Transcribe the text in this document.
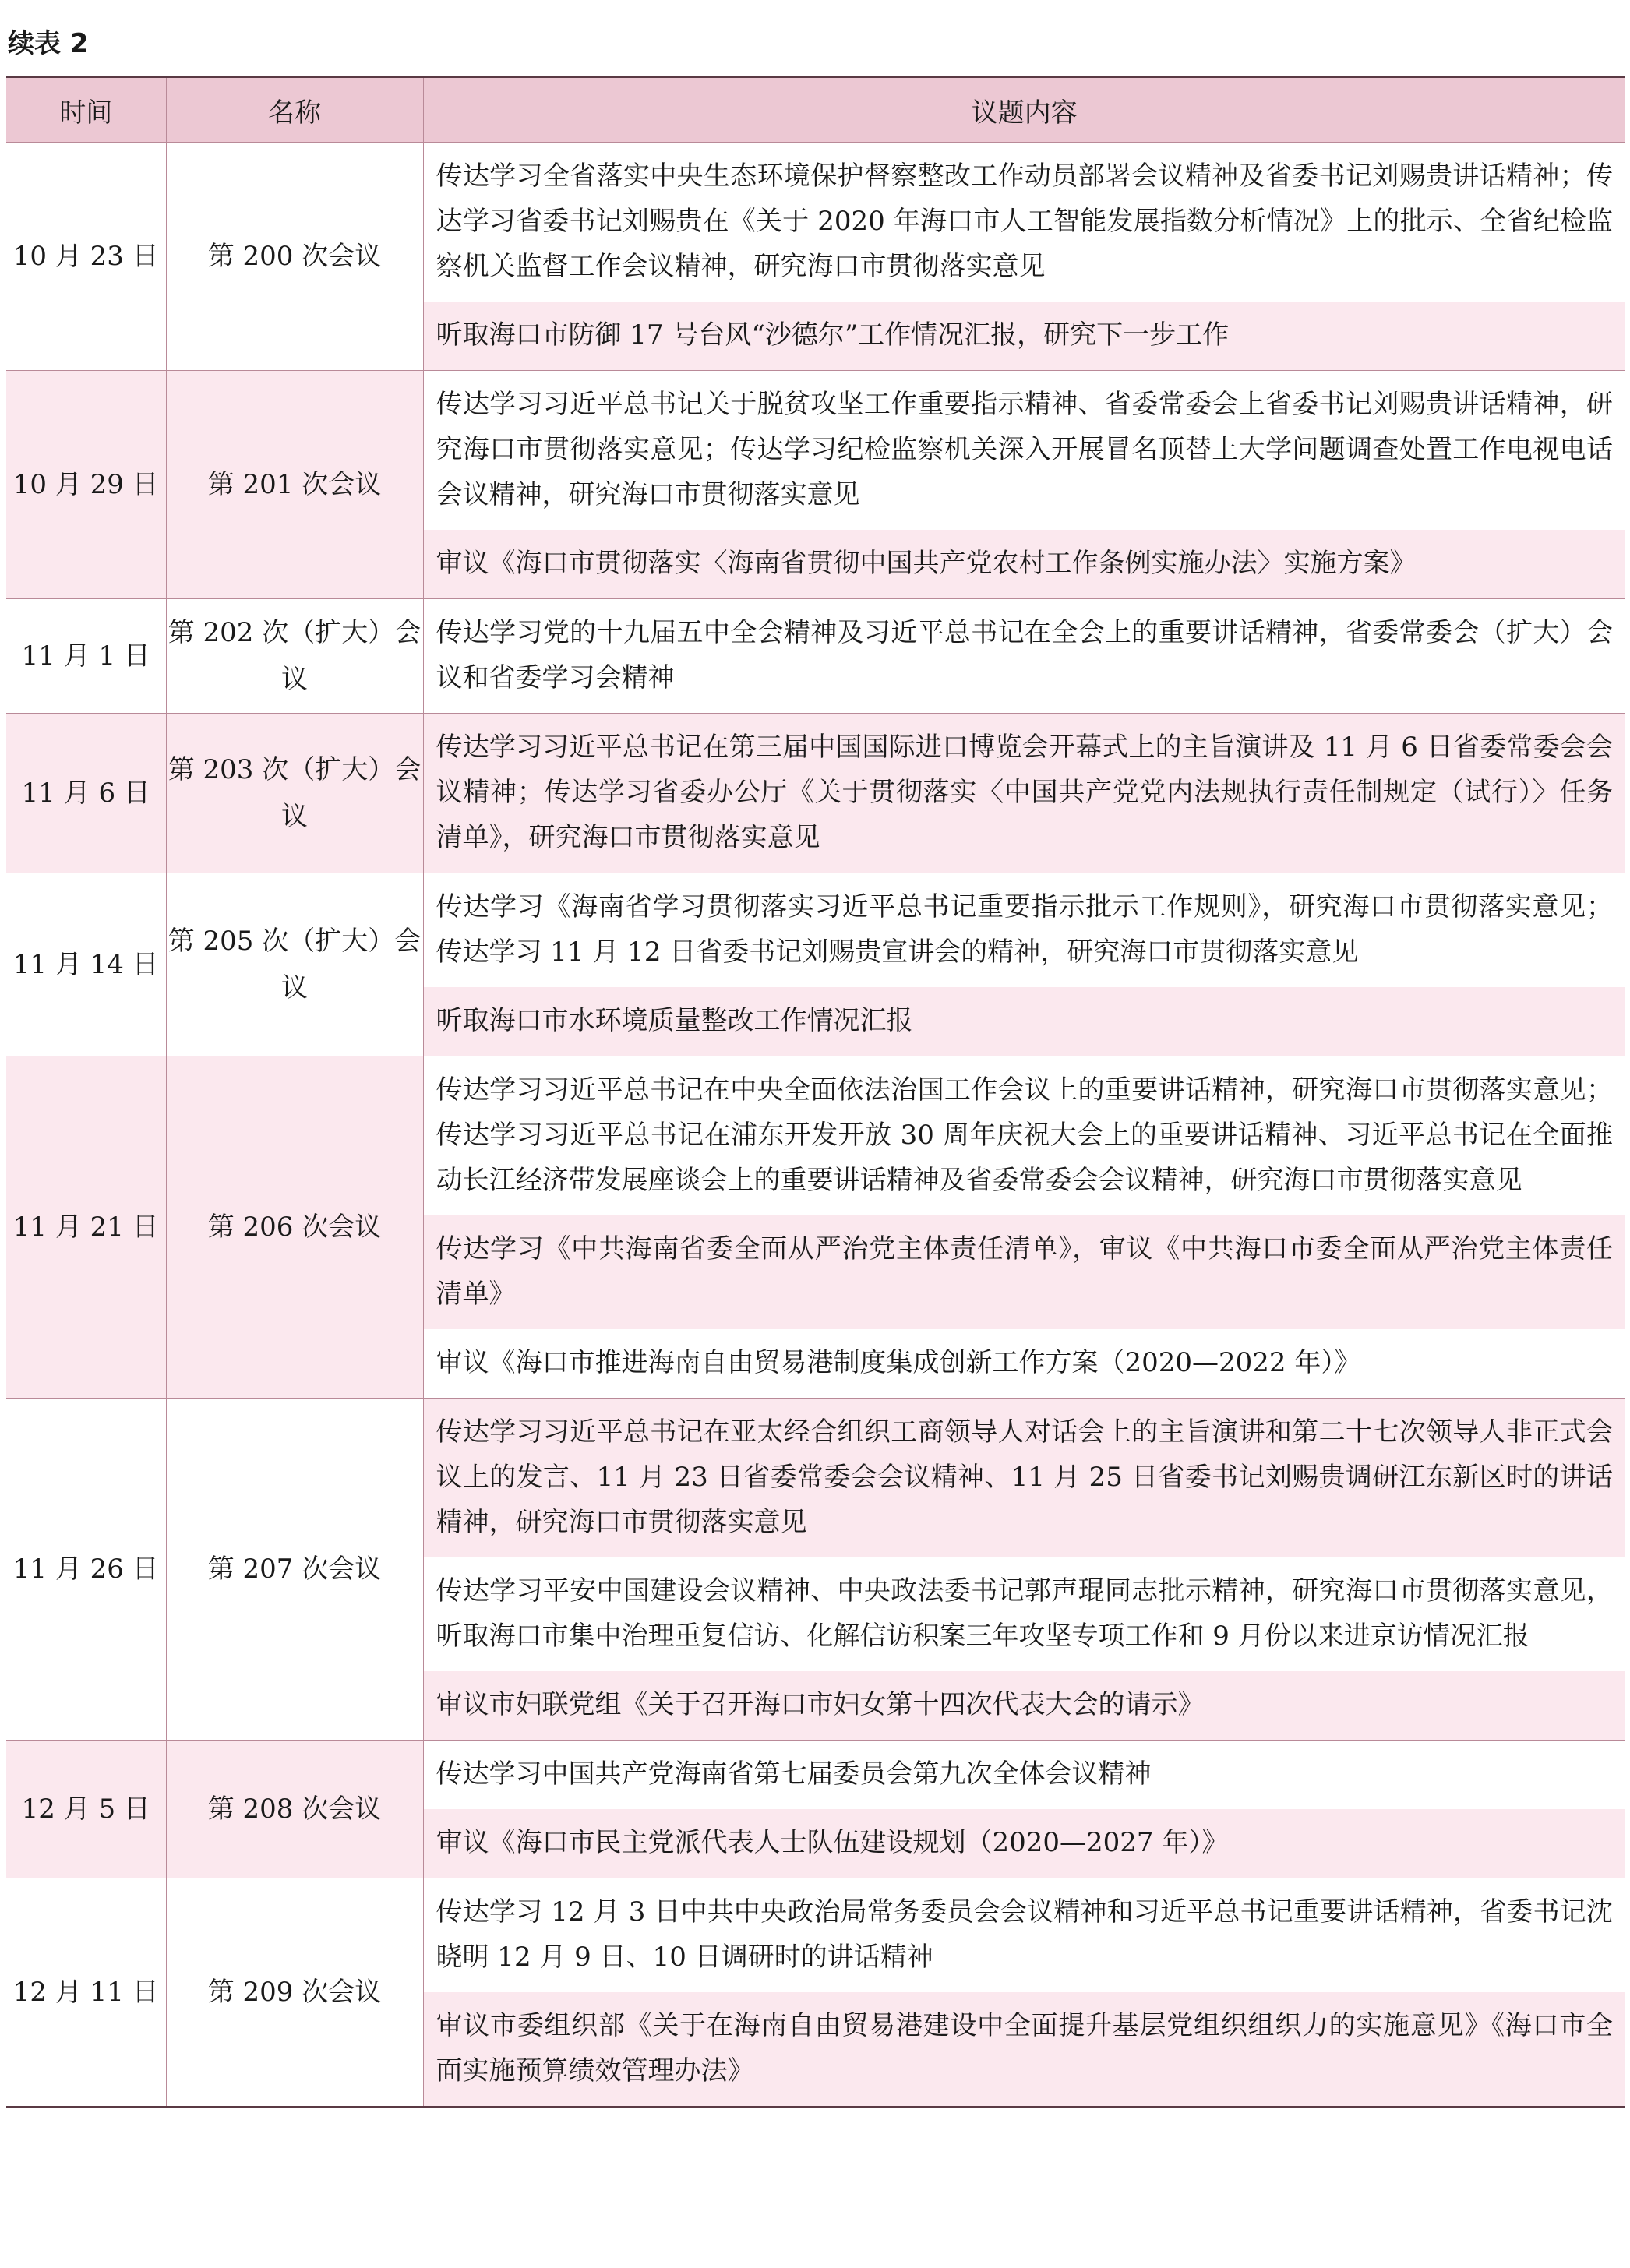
续表 2
时间	名称	议题内容
10 月 23 日	第 200 次会议	传达学习全省落实中央生态环境保护督察整改工作动员部署会议精神及省委书记刘赐贵讲话精神；传达学习省委书记刘赐贵在《关于 2020 年海口市人工智能发展指数分析情况》上的批示、全省纪检监察机关监督工作会议精神，研究海口市贯彻落实意见
		听取海口市防御 17 号台风“沙德尔”工作情况汇报，研究下一步工作
10 月 29 日	第 201 次会议	传达学习习近平总书记关于脱贫攻坚工作重要指示精神、省委常委会上省委书记刘赐贵讲话精神，研究海口市贯彻落实意见；传达学习纪检监察机关深入开展冒名顶替上大学问题调查处置工作电视电话会议精神，研究海口市贯彻落实意见
		审议《海口市贯彻落实〈海南省贯彻中国共产党农村工作条例实施办法〉实施方案》
11 月 1 日	第 202 次（扩大）会议	传达学习党的十九届五中全会精神及习近平总书记在全会上的重要讲话精神，省委常委会（扩大）会议和省委学习会精神
11 月 6 日	第 203 次（扩大）会议	传达学习习近平总书记在第三届中国国际进口博览会开幕式上的主旨演讲及 11 月 6 日省委常委会会议精神；传达学习省委办公厅《关于贯彻落实〈中国共产党党内法规执行责任制规定（试行）〉任务清单》，研究海口市贯彻落实意见
11 月 14 日	第 205 次（扩大）会议	传达学习《海南省学习贯彻落实习近平总书记重要指示批示工作规则》，研究海口市贯彻落实意见；传达学习 11 月 12 日省委书记刘赐贵宣讲会的精神，研究海口市贯彻落实意见
		听取海口市水环境质量整改工作情况汇报
11 月 21 日	第 206 次会议	传达学习习近平总书记在中央全面依法治国工作会议上的重要讲话精神，研究海口市贯彻落实意见；传达学习习近平总书记在浦东开发开放 30 周年庆祝大会上的重要讲话精神、习近平总书记在全面推动长江经济带发展座谈会上的重要讲话精神及省委常委会会议精神，研究海口市贯彻落实意见
		传达学习《中共海南省委全面从严治党主体责任清单》，审议《中共海口市委全面从严治党主体责任清单》
		审议《海口市推进海南自由贸易港制度集成创新工作方案（2020—2022 年）》
11 月 26 日	第 207 次会议	传达学习习近平总书记在亚太经合组织工商领导人对话会上的主旨演讲和第二十七次领导人非正式会议上的发言、11 月 23 日省委常委会会议精神、11 月 25 日省委书记刘赐贵调研江东新区时的讲话精神，研究海口市贯彻落实意见
		传达学习平安中国建设会议精神、中央政法委书记郭声琨同志批示精神，研究海口市贯彻落实意见，听取海口市集中治理重复信访、化解信访积案三年攻坚专项工作和 9 月份以来进京访情况汇报
		审议市妇联党组《关于召开海口市妇女第十四次代表大会的请示》
12 月 5 日	第 208 次会议	传达学习中国共产党海南省第七届委员会第九次全体会议精神
		审议《海口市民主党派代表人士队伍建设规划（2020—2027 年）》
12 月 11 日	第 209 次会议	传达学习 12 月 3 日中共中央政治局常务委员会会议精神和习近平总书记重要讲话精神，省委书记沈晓明 12 月 9 日、10 日调研时的讲话精神
		审议市委组织部《关于在海南自由贸易港建设中全面提升基层党组织组织力的实施意见》《海口市全面实施预算绩效管理办法》
